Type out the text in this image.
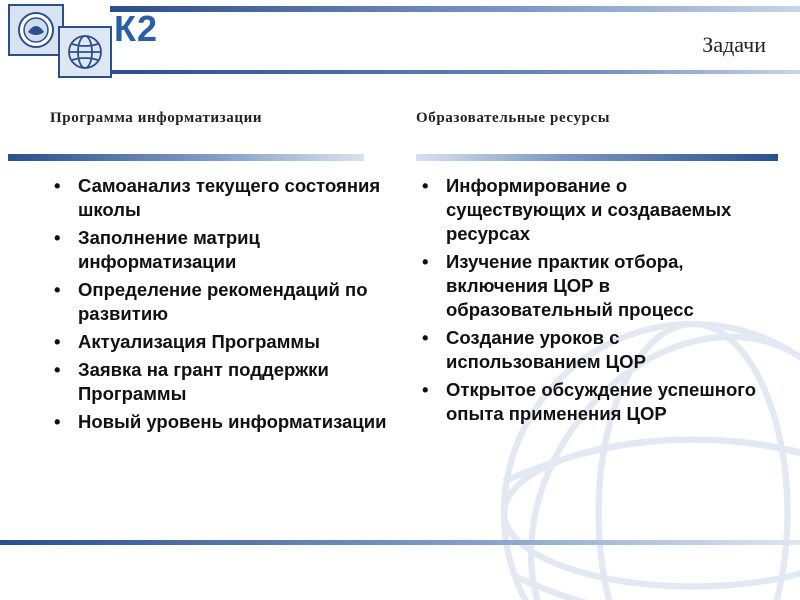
К2	Задачи
Программа информатизации	Образовательные ресурсы
• Самоанализ текущего состояния школы
• Заполнение матриц информатизации
• Определение рекомендаций по развитию
• Актуализация Программы
• Заявка на грант поддержки Программы
• Новый уровень информатизации
• Информирование о существующих и создаваемых ресурсах
• Изучение практик отбора, включения ЦОР в образовательный процесс
• Создание уроков с использованием ЦОР
• Открытое обсуждение успешного опыта применения ЦОР
